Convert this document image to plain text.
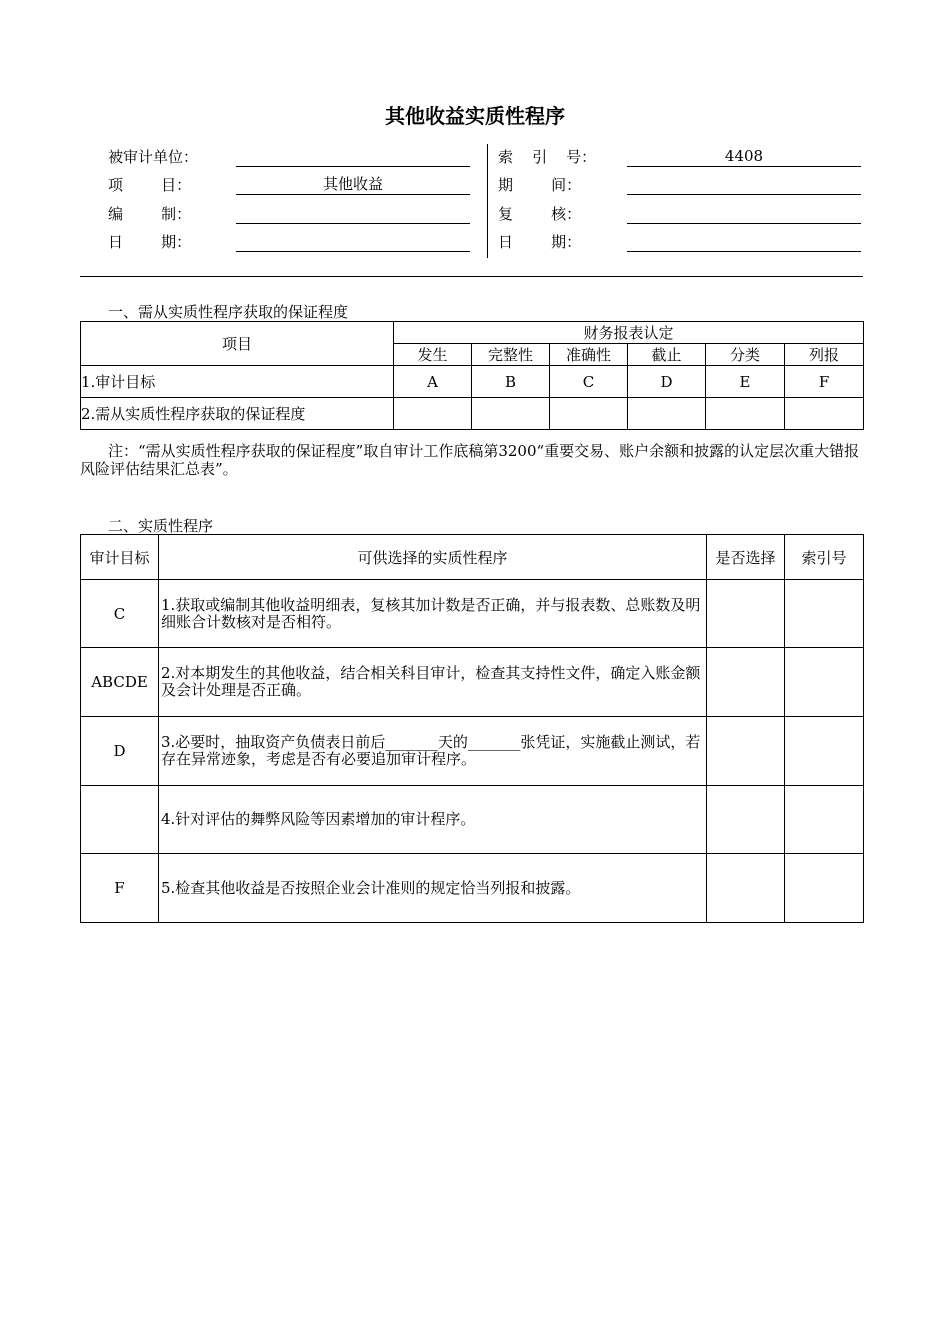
其他收益实质性程序
被审计单位：
项        目：	其他收益
编        制：
日        期：
索    引    号：	4408
期        间：
复        核：
日        期：
一、需从实质性程序获取的保证程度
项目	财务报表认定					
	发生	完整性	准确性	截止	分类	列报
1.审计目标	A	B	C	D	E	F
2.需从实质性程序获取的保证程度						
注：“需从实质性程序获取的保证程度”取自审计工作底稿第3200“重要交易、账户余额和披露的认定层次重大错报风险评估结果汇总表”。
二、实质性程序
审计目标	可供选择的实质性程序	是否选择	索引号
C	1.获取或编制其他收益明细表，复核其加计数是否正确，并与报表数、总账数及明细账合计数核对是否相符。		
ABCDE	2.对本期发生的其他收益，结合相关科目审计，检查其支持性文件，确定入账金额及会计处理是否正确。		
D	3.必要时，抽取资产负债表日前后_______天的_______张凭证，实施截止测试，若存在异常迹象，考虑是否有必要追加审计程序。		
	4.针对评估的舞弊风险等因素增加的审计程序。		
F	5.检查其他收益是否按照企业会计准则的规定恰当列报和披露。		
